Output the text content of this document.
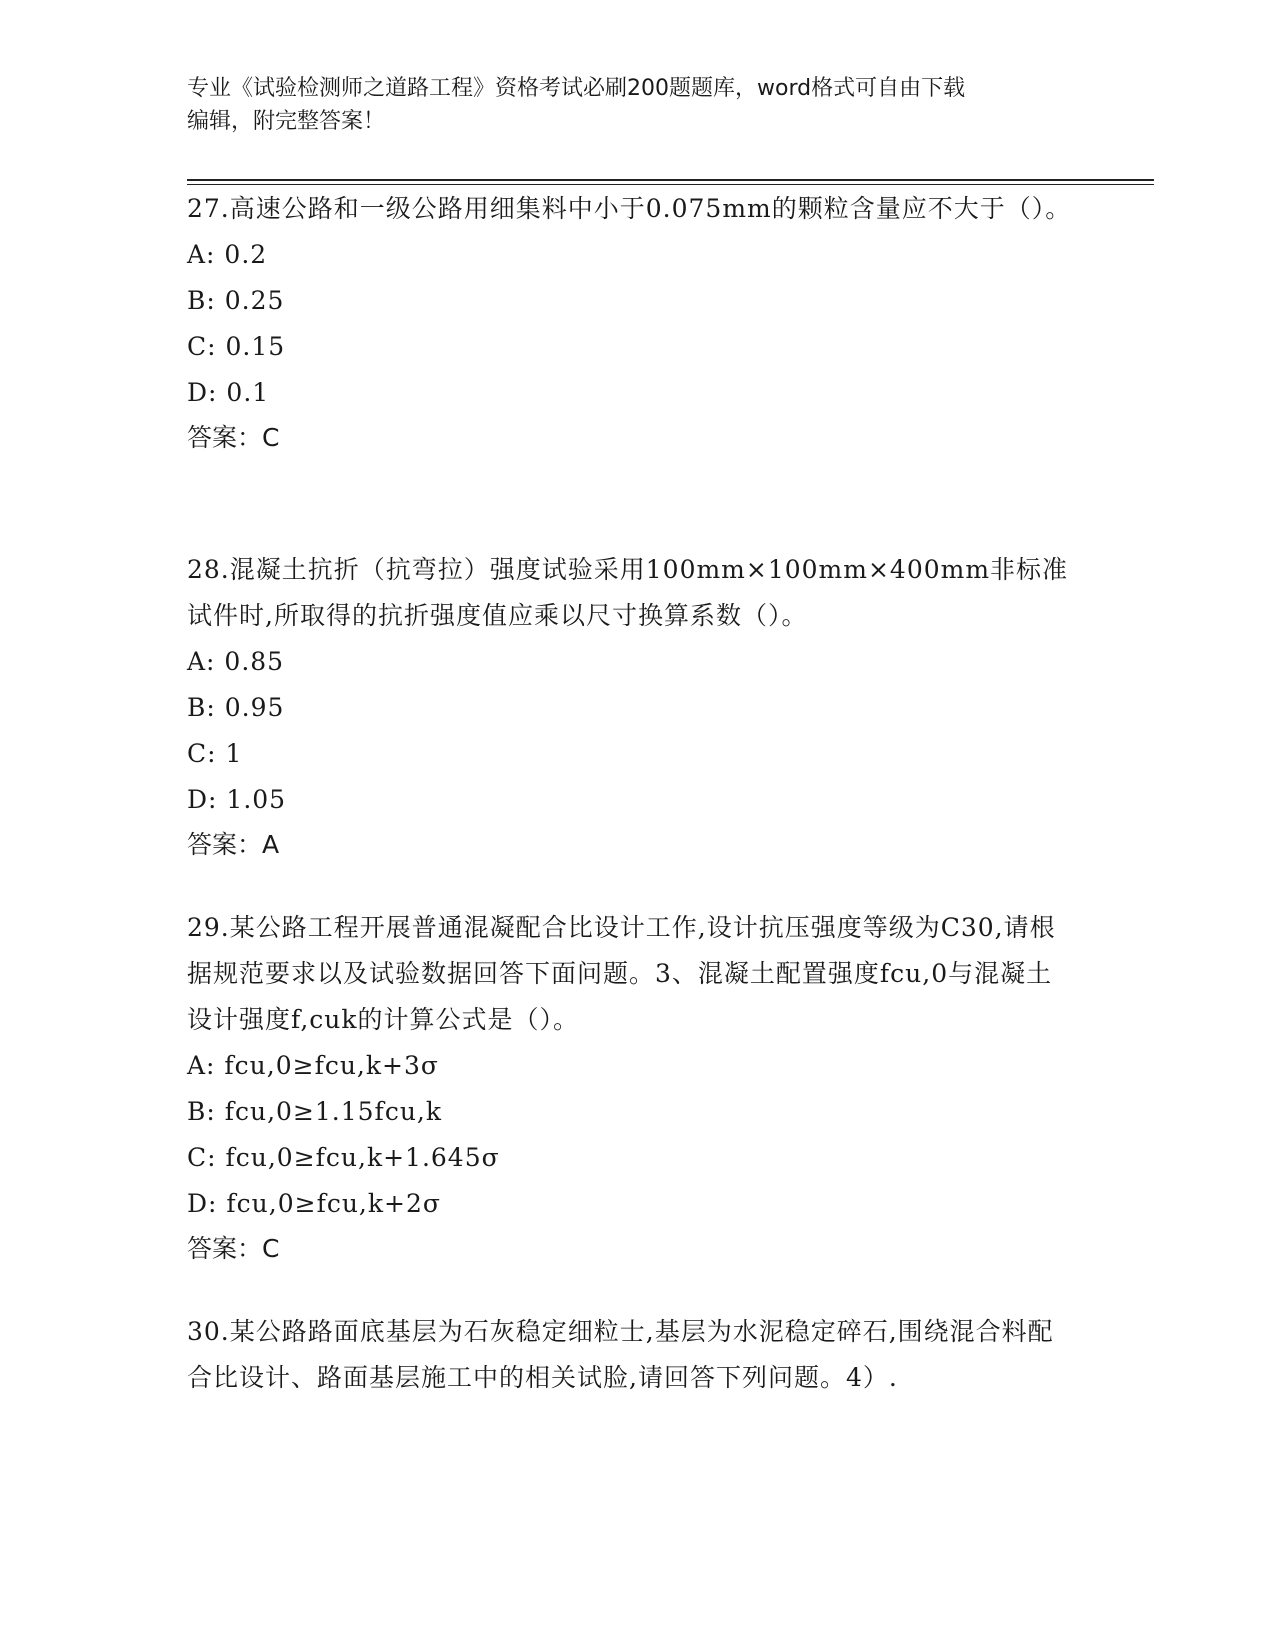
专业《试验检测师之道路工程》资格考试必刷200题题库，word格式可自由下载
编辑，附完整答案！

27.高速公路和一级公路用细集料中小于0.075mm的颗粒含量应不大于（）。

A: 0.2

B: 0.25

C: 0.15

D: 0.1

答案：C

28.混凝土抗折（抗弯拉）强度试验采用100mm×100mm×400mm非标准试件时,所取得的抗折强度值应乘以尺寸换算系数（）。

A: 0.85

B: 0.95

C: 1

D: 1.05

答案：A

29.某公路工程开展普通混凝配合比设计工作,设计抗压强度等级为C30,请根据规范要求以及试验数据回答下面问题。3、混凝土配置强度fcu,0与混凝土设计强度f,cuk的计算公式是（）。

A: fcu,0≥fcu,k+3σ

B: fcu,0≥1.15fcu,k

C: fcu,0≥fcu,k+1.645σ

D: fcu,0≥fcu,k+2σ

答案：C

30.某公路路面底基层为石灰稳定细粒士,基层为水泥稳定碎石,围绕混合料配合比设计、路面基层施工中的相关试脸,请回答下列问题。4）.
